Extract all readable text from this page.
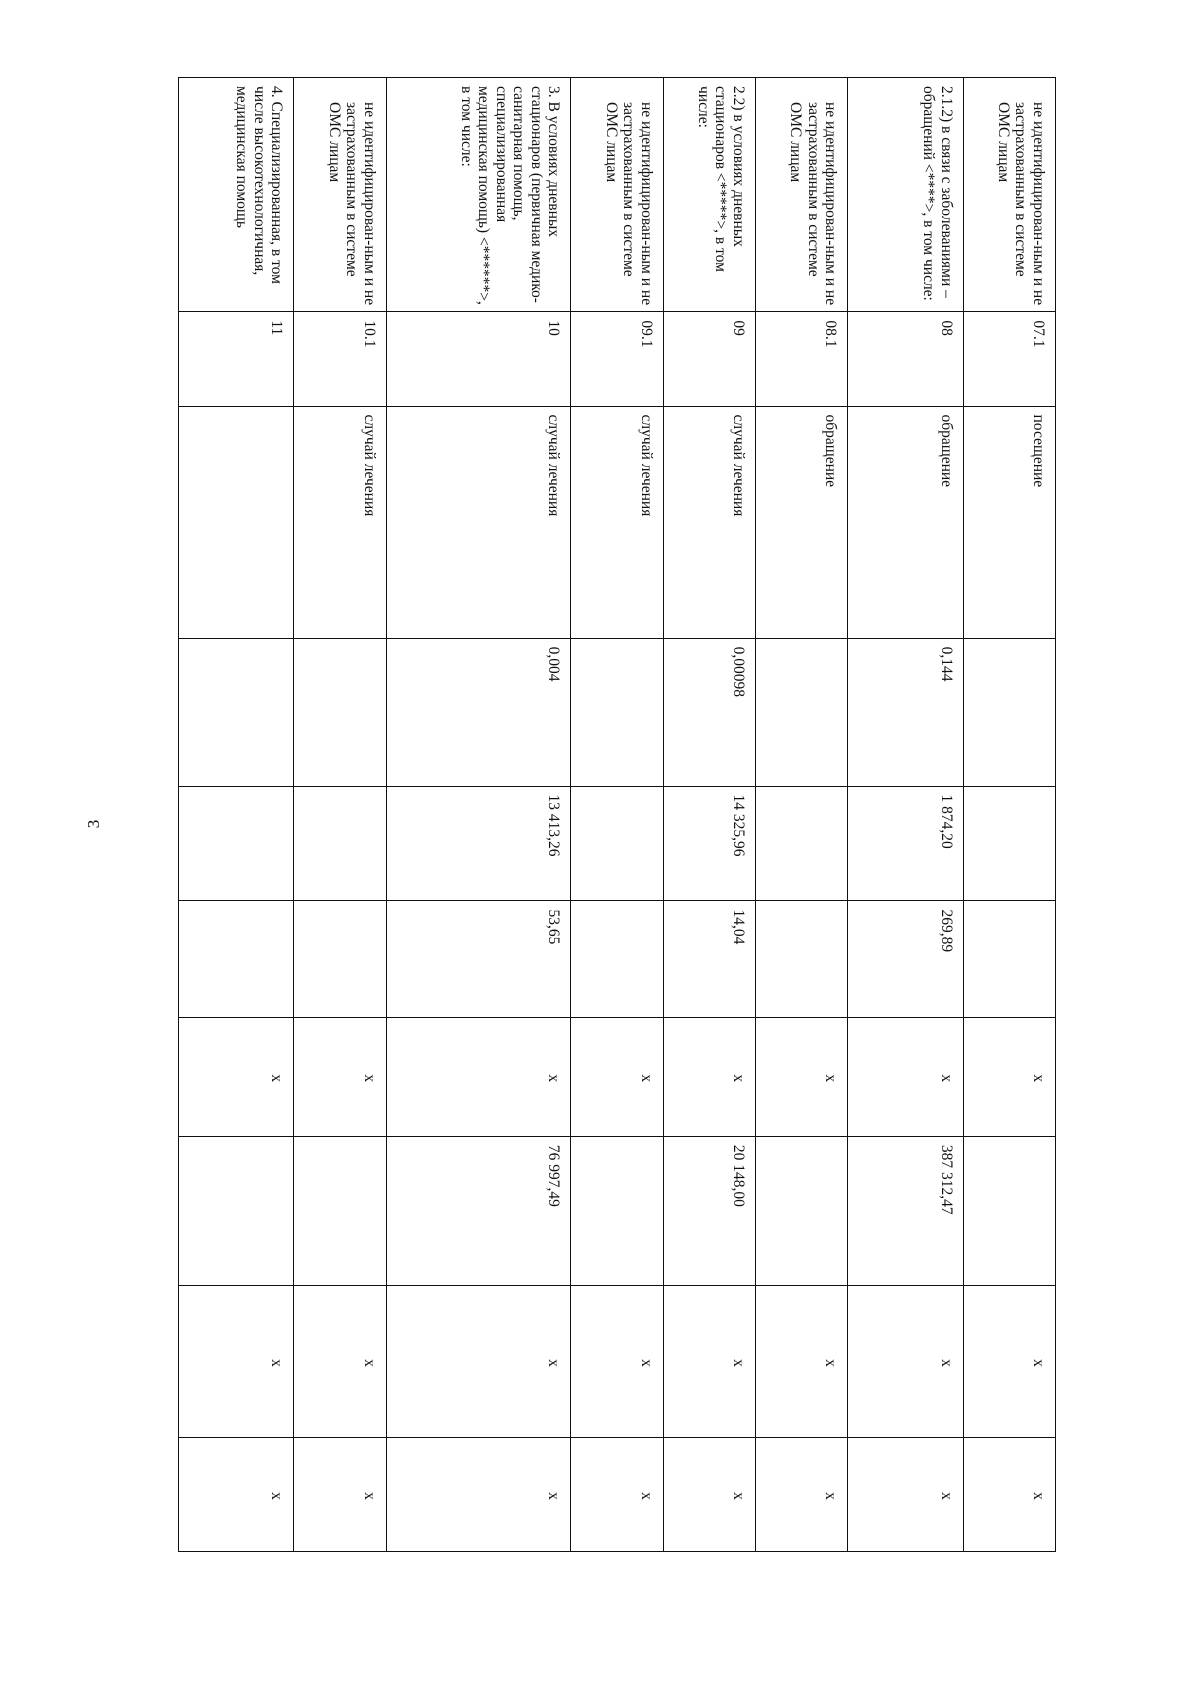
3
не идентифицирован-ным и не застрахованным в системе ОМС лицам	07.1	посещение				x		x	x
2.1.2) в связи с заболеваниями – обращений <****>, в том числе:	08	обращение	0,144	1 874,20	269,89	x	387 312,47	x	x
не идентифицирован-ным и не застрахованным в системе ОМС лицам	08.1	обращение				x		x	x
2.2) в условиях дневных стационаров <*****>, в том числе:	09	случай лечения	0,00098	14 325,96	14,04	x	20 148,00	x	x
не идентифицирован-ным и не застрахованным в системе ОМС лицам	09.1	случай лечения				x		x	x
3. В условиях дневных стационаров (первичная медико-санитарная помощь, специализированная медицинская помощь) <******>, в том числе:	10	случай лечения	0,004	13 413,26	53,65	x	76 997,49	x	x
не идентифицирован-ным и не застрахованным в системе ОМС лицам	10.1	случай лечения				x		x	x
4. Специализированная, в том числе высокотехнологичная, медицинская помощь	11					x		x	x
